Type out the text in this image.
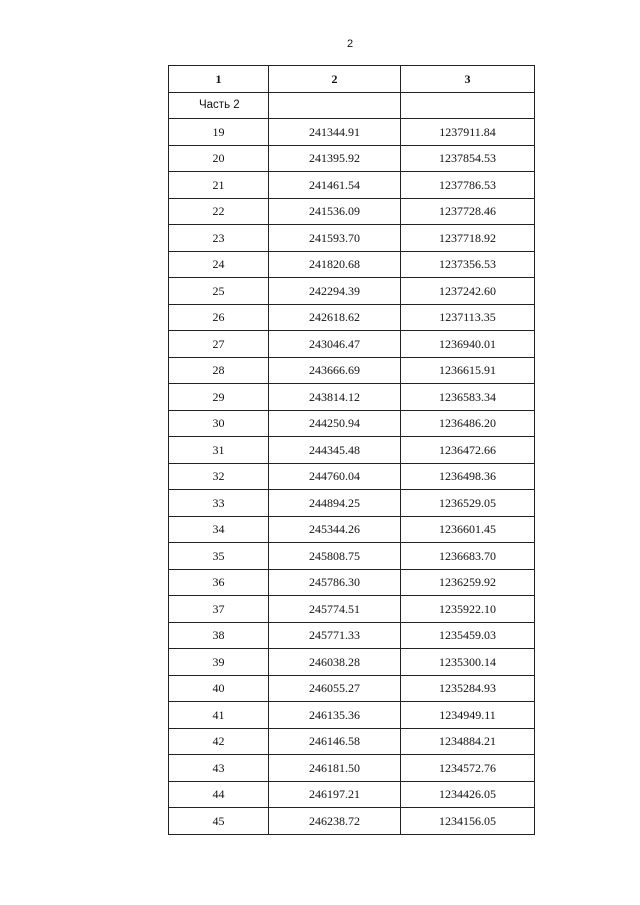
2
1	2	3
Часть 2		
19	241344.91	1237911.84
20	241395.92	1237854.53
21	241461.54	1237786.53
22	241536.09	1237728.46
23	241593.70	1237718.92
24	241820.68	1237356.53
25	242294.39	1237242.60
26	242618.62	1237113.35
27	243046.47	1236940.01
28	243666.69	1236615.91
29	243814.12	1236583.34
30	244250.94	1236486.20
31	244345.48	1236472.66
32	244760.04	1236498.36
33	244894.25	1236529.05
34	245344.26	1236601.45
35	245808.75	1236683.70
36	245786.30	1236259.92
37	245774.51	1235922.10
38	245771.33	1235459.03
39	246038.28	1235300.14
40	246055.27	1235284.93
41	246135.36	1234949.11
42	246146.58	1234884.21
43	246181.50	1234572.76
44	246197.21	1234426.05
45	246238.72	1234156.05
